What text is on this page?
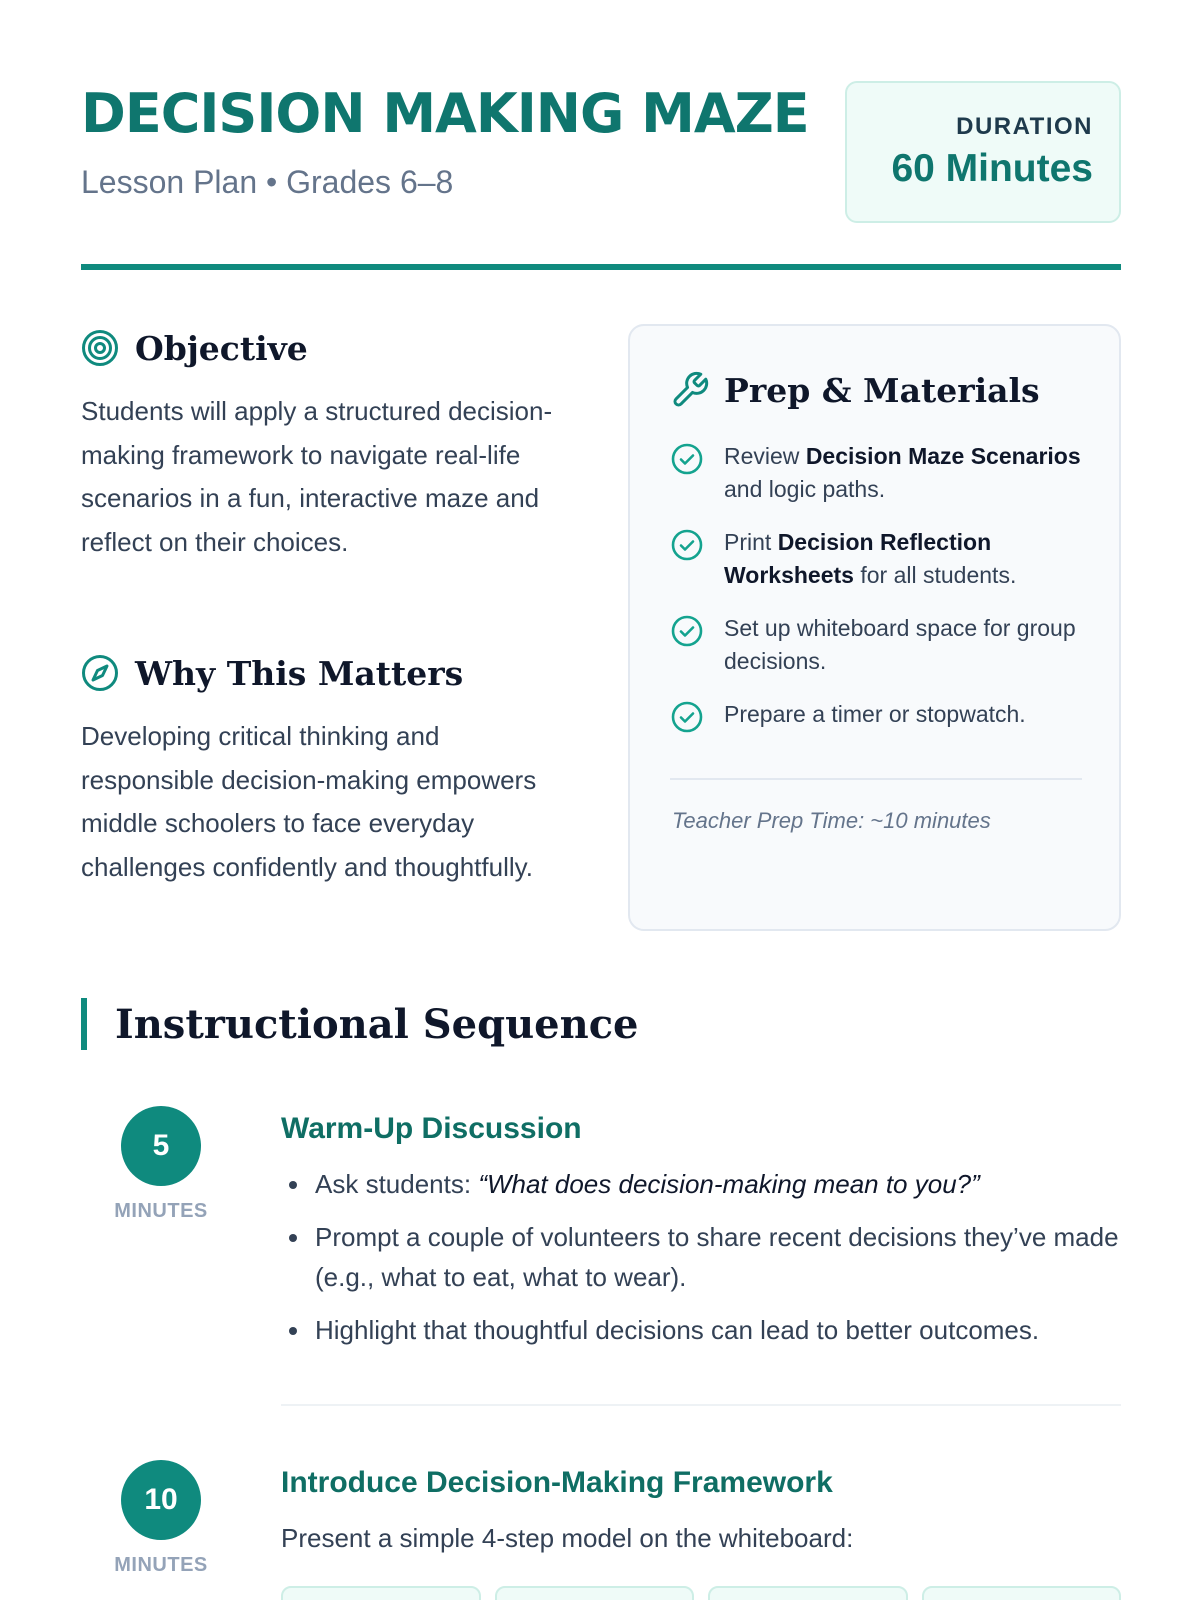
DECISION MAKING MAZE
Lesson Plan • Grades 6–8
DURATION
60 Minutes
Objective

Students will apply a structured decision-making framework to navigate real-life scenarios in a fun, interactive maze and reflect on their choices.

Why This Matters

Developing critical thinking and responsible decision-making empowers middle schoolers to face everyday challenges confidently and thoughtfully.

Prep & Materials
Review Decision Maze Scenarios and logic paths.
Print Decision Reflection Worksheets for all students.
Set up whiteboard space for group decisions.
Prepare a timer or stopwatch.
Teacher Prep Time: ~10 minutes
Instructional Sequence
5
MINUTES
Warm-Up Discussion
Ask students: “What does decision-making mean to you?”
Prompt a couple of volunteers to share recent decisions they’ve made (e.g., what to eat, what to wear).
Highlight that thoughtful decisions can lead to better outcomes.
10
MINUTES
Introduce Decision-Making Framework

Present a simple 4-step model on the whiteboard:
